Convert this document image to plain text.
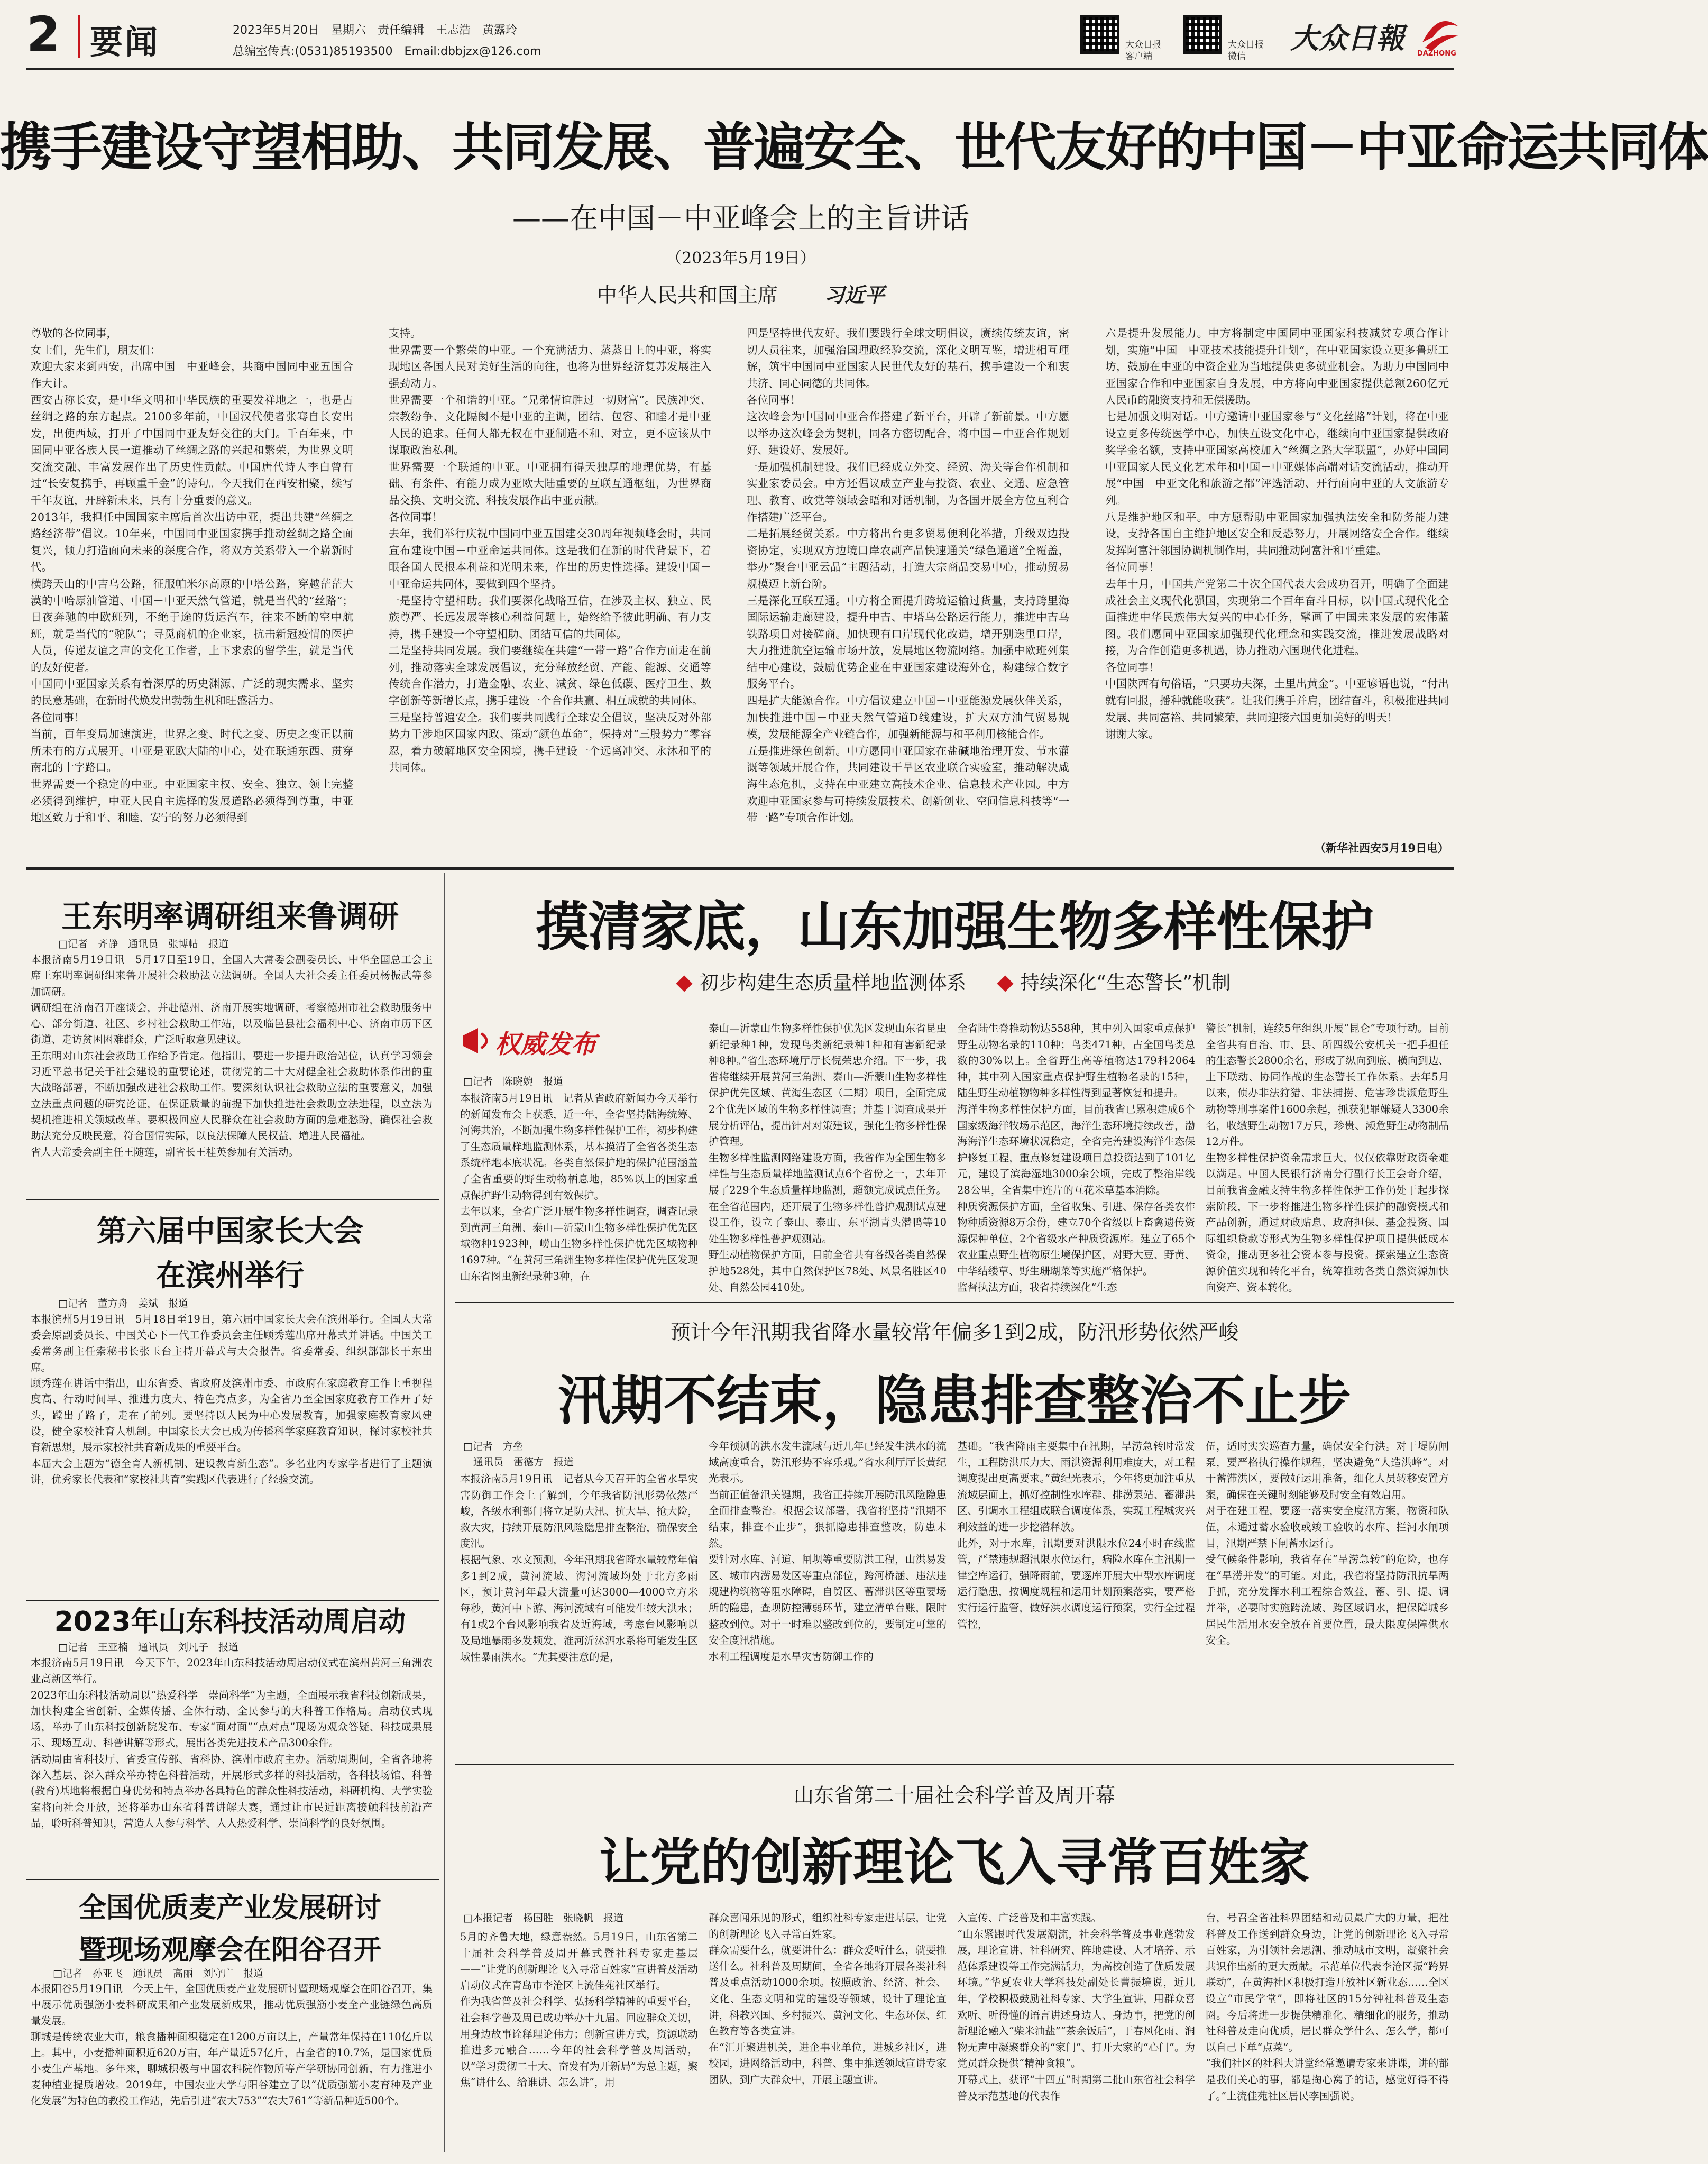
2 要闻	2023年5月20日　星期六　责任编辑　王志浩　黄露玲
总编室传真:(0531)85193500　Email:dbbjzx@126.com	大众日报
客户端
大众日报
微信
大众日報 DAZHONG
携手建设守望相助、共同发展、普遍安全、世代友好的中国－中亚命运共同体
——在中国－中亚峰会上的主旨讲话
（2023年5月19日）
中华人民共和国主席　　 习近平
尊敬的各位同事，
女士们，先生们，朋友们：
欢迎大家来到西安，出席中国－中亚峰会，共商中国同中亚五国合作大计。
西安古称长安，是中华文明和中华民族的重要发祥地之一，也是古丝绸之路的东方起点。2100多年前，中国汉代使者张骞自长安出发，出使西域，打开了中国同中亚友好交往的大门。千百年来，中国同中亚各族人民一道推动了丝绸之路的兴起和繁荣，为世界文明交流交融、丰富发展作出了历史性贡献。中国唐代诗人李白曾有过“长安复携手，再顾重千金”的诗句。今天我们在西安相聚，续写千年友谊，开辟新未来，具有十分重要的意义。
2013年，我担任中国国家主席后首次出访中亚，提出共建“丝绸之路经济带”倡议。10年来，中国同中亚国家携手推动丝绸之路全面复兴，倾力打造面向未来的深度合作，将双方关系带入一个崭新时代。
横跨天山的中吉乌公路，征服帕米尔高原的中塔公路，穿越茫茫大漠的中哈原油管道、中国－中亚天然气管道，就是当代的“丝路”；日夜奔驰的中欧班列，不绝于途的货运汽车，往来不断的空中航班，就是当代的“驼队”；寻觅商机的企业家，抗击新冠疫情的医护人员，传递友谊之声的文化工作者，上下求索的留学生，就是当代的友好使者。
中国同中亚国家关系有着深厚的历史渊源、广泛的现实需求、坚实的民意基础，在新时代焕发出勃勃生机和旺盛活力。
各位同事！
当前，百年变局加速演进，世界之变、时代之变、历史之变正以前所未有的方式展开。中亚是亚欧大陆的中心，处在联通东西、贯穿南北的十字路口。
世界需要一个稳定的中亚。中亚国家主权、安全、独立、领土完整必须得到维护，中亚人民自主选择的发展道路必须得到尊重，中亚地区致力于和平、和睦、安宁的努力必须得到
支持。
世界需要一个繁荣的中亚。一个充满活力、蒸蒸日上的中亚，将实现地区各国人民对美好生活的向往，也将为世界经济复苏发展注入强劲动力。
世界需要一个和谐的中亚。“兄弟情谊胜过一切财富”。民族冲突、宗教纷争、文化隔阂不是中亚的主调，团结、包容、和睦才是中亚人民的追求。任何人都无权在中亚制造不和、对立，更不应该从中谋取政治私利。
世界需要一个联通的中亚。中亚拥有得天独厚的地理优势，有基础、有条件、有能力成为亚欧大陆重要的互联互通枢纽，为世界商品交换、文明交流、科技发展作出中亚贡献。
各位同事！
去年，我们举行庆祝中国同中亚五国建交30周年视频峰会时，共同宣布建设中国－中亚命运共同体。这是我们在新的时代背景下，着眼各国人民根本利益和光明未来，作出的历史性选择。建设中国－中亚命运共同体，要做到四个坚持。
一是坚持守望相助。我们要深化战略互信，在涉及主权、独立、民族尊严、长远发展等核心利益问题上，始终给予彼此明确、有力支持，携手建设一个守望相助、团结互信的共同体。
二是坚持共同发展。我们要继续在共建“一带一路”合作方面走在前列，推动落实全球发展倡议，充分释放经贸、产能、能源、交通等传统合作潜力，打造金融、农业、减贫、绿色低碳、医疗卫生、数字创新等新增长点，携手建设一个合作共赢、相互成就的共同体。
三是坚持普遍安全。我们要共同践行全球安全倡议，坚决反对外部势力干涉地区国家内政、策动“颜色革命”，保持对“三股势力”零容忍，着力破解地区安全困境，携手建设一个远离冲突、永沐和平的共同体。
四是坚持世代友好。我们要践行全球文明倡议，赓续传统友谊，密切人员往来，加强治国理政经验交流，深化文明互鉴，增进相互理解，筑牢中国同中亚国家人民世代友好的基石，携手建设一个和衷共济、同心同德的共同体。
各位同事！
这次峰会为中国同中亚合作搭建了新平台，开辟了新前景。中方愿以举办这次峰会为契机，同各方密切配合，将中国－中亚合作规划好、建设好、发展好。
一是加强机制建设。我们已经成立外交、经贸、海关等合作机制和实业家委员会。中方还倡议成立产业与投资、农业、交通、应急管理、教育、政党等领域会晤和对话机制，为各国开展全方位互利合作搭建广泛平台。
二是拓展经贸关系。中方将出台更多贸易便利化举措，升级双边投资协定，实现双方边境口岸农副产品快速通关“绿色通道”全覆盖，举办“聚合中亚云品”主题活动，打造大宗商品交易中心，推动贸易规模迈上新台阶。
三是深化互联互通。中方将全面提升跨境运输过货量，支持跨里海国际运输走廊建设，提升中吉、中塔乌公路运行能力，推进中吉乌铁路项目对接磋商。加快现有口岸现代化改造，增开别迭里口岸，大力推进航空运输市场开放，发展地区物流网络。加强中欧班列集结中心建设，鼓励优势企业在中亚国家建设海外仓，构建综合数字服务平台。
四是扩大能源合作。中方倡议建立中国－中亚能源发展伙伴关系，加快推进中国－中亚天然气管道D线建设，扩大双方油气贸易规模，发展能源全产业链合作，加强新能源与和平利用核能合作。
五是推进绿色创新。中方愿同中亚国家在盐碱地治理开发、节水灌溉等领域开展合作，共同建设干旱区农业联合实验室，推动解决咸海生态危机，支持在中亚建立高技术企业、信息技术产业园。中方欢迎中亚国家参与可持续发展技术、创新创业、空间信息科技等“一带一路”专项合作计划。
六是提升发展能力。中方将制定中国同中亚国家科技减贫专项合作计划，实施“中国－中亚技术技能提升计划”，在中亚国家设立更多鲁班工坊，鼓励在中亚的中资企业为当地提供更多就业机会。为助力中国同中亚国家合作和中亚国家自身发展，中方将向中亚国家提供总额260亿元人民币的融资支持和无偿援助。
七是加强文明对话。中方邀请中亚国家参与“文化丝路”计划，将在中亚设立更多传统医学中心，加快互设文化中心，继续向中亚国家提供政府奖学金名额，支持中亚国家高校加入“丝绸之路大学联盟”，办好中国同中亚国家人民文化艺术年和中国－中亚媒体高端对话交流活动，推动开展“中国－中亚文化和旅游之都”评选活动、开行面向中亚的人文旅游专列。
八是维护地区和平。中方愿帮助中亚国家加强执法安全和防务能力建设，支持各国自主维护地区安全和反恐努力，开展网络安全合作。继续发挥阿富汗邻国协调机制作用，共同推动阿富汗和平重建。
各位同事！
去年十月，中国共产党第二十次全国代表大会成功召开，明确了全面建成社会主义现代化强国，实现第二个百年奋斗目标，以中国式现代化全面推进中华民族伟大复兴的中心任务，擘画了中国未来发展的宏伟蓝图。我们愿同中亚国家加强现代化理念和实践交流，推进发展战略对接，为合作创造更多机遇，协力推动六国现代化进程。
各位同事！
中国陕西有句俗语，“只要功夫深，土里出黄金”。中亚谚语也说，“付出就有回报，播种就能收获”。让我们携手并肩，团结奋斗，积极推进共同发展、共同富裕、共同繁荣，共同迎接六国更加美好的明天！
谢谢大家。
（新华社西安5月19日电）
王东明率调研组来鲁调研
□记者　齐静　通讯员　张博帖　报道
本报济南5月19日讯　5月17日至19日，全国人大常委会副委员长、中华全国总工会主席王东明率调研组来鲁开展社会救助法立法调研。全国人大社会委主任委员杨振武等参加调研。
调研组在济南召开座谈会，并赴德州、济南开展实地调研，考察德州市社会救助服务中心、部分街道、社区、乡村社会救助工作站，以及临邑县社会福利中心、济南市历下区街道、走访贫困困难群众，广泛听取意见建议。
王东明对山东社会救助工作给予肯定。他指出，要进一步提升政治站位，认真学习领会习近平总书记关于社会建设的重要论述，贯彻党的二十大对健全社会救助体系作出的重大战略部署，不断加强改进社会救助工作。要深刻认识社会救助立法的重要意义，加强立法重点问题的研究论证，在保证质量的前提下加快推进社会救助立法进程，以立法为契机推进相关领域改革。要积极回应人民群众在社会救助方面的急难愁盼，确保社会救助法充分反映民意，符合国情实际，以良法保障人民权益、增进人民福祉。
省人大常委会副主任王随莲，副省长王桂英参加有关活动。
第六届中国家长大会
在滨州举行
□记者　董方舟　姜斌　报道
本报滨州5月19日讯　5月18日至19日，第六届中国家长大会在滨州举行。全国人大常委会原副委员长、中国关心下一代工作委员会主任顾秀莲出席开幕式并讲话。中国关工委常务副主任索秘书长张玉台主持开幕式与大会报告。省委常委、组织部部长于东出席。
顾秀莲在讲话中指出，山东省委、省政府及滨州市委、市政府在家庭教育工作上重视程度高、行动时间早、推进力度大、特色亮点多，为全省乃至全国家庭教育工作开了好头，蹚出了路子，走在了前列。要坚持以人民为中心发展教育，加强家庭教育家风建设，健全家校社育人机制。中国家长大会已成为传播科学家庭教育知识，探讨家校社共育新思想，展示家校社共育新成果的重要平台。
本届大会主题为“德全育人新机制、建设教育新生态”。多名业内专家学者进行了主题演讲，优秀家长代表和“家校社共育”实践区代表进行了经验交流。
2023年山东科技活动周启动
□记者　王亚楠　通讯员　刘凡子　报道
本报济南5月19日讯　今天下午，2023年山东科技活动周启动仪式在滨州黄河三角洲农业高新区举行。
2023年山东科技活动周以“热爱科学　崇尚科学”为主题，全面展示我省科技创新成果，加快构建全省创新、全媒传播、全体行动、全民参与的大科普工作格局。启动仪式现场，举办了山东科技创新院发布、专家“面对面”“点对点”现场为观众答疑、科技成果展示、现场互动、科普讲解等形式，展出各类先进技术产品300余件。
活动周由省科技厅、省委宣传部、省科协、滨州市政府主办。活动周期间，全省各地将深入基层、深入群众举办特色科普活动，开展形式多样的科技活动，各科技场馆、科普(教育)基地将根据自身优势和特点举办各具特色的群众性科技活动，科研机构、大学实验室将向社会开放，还将举办山东省科普讲解大赛，通过让市民近距离接触科技前沿产品，聆听科普知识，营造人人参与科学、人人热爱科学、崇尚科学的良好氛围。
全国优质麦产业发展研讨
暨现场观摩会在阳谷召开
□记者　孙亚飞　通讯员　高丽　刘守广　报道
本报阳谷5月19日讯　今天上午，全国优质麦产业发展研讨暨现场观摩会在阳谷召开，集中展示优质强筋小麦科研成果和产业发展新成果，推动优质强筋小麦全产业链绿色高质量发展。
聊城是传统农业大市，粮食播种面积稳定在1200万亩以上，产量常年保持在110亿斤以上。其中，小麦播种面积近620万亩，年产量近57亿斤，占全省的10.7%，是国家优质小麦生产基地。多年来，聊城积极与中国农科院作物所等产学研协同创新，有力推进小麦种植业提质增效。2019年，中国农业大学与阳谷建立了以“优质强筋小麦育种及产业化发展”为特色的教授工作站，先后引进“农大753”“农大761”等新品种近500个。
摸清家底，山东加强生物多样性保护
初步构建生态质量样地监测体系	持续深化“生态警长”机制
权威发布
□记者　陈晓婉　报道
本报济南5月19日讯　记者从省政府新闻办今天举行的新闻发布会上获悉，近一年，全省坚持陆海统筹、河海共治，不断加强生物多样性保护工作，初步构建了生态质量样地监测体系，基本摸清了全省各类生态系统样地本底状况。各类自然保护地的保护范围涵盖了全省重要的野生动物栖息地，85%以上的国家重点保护野生动物得到有效保护。
去年以来，全省广泛开展生物多样性调查，调查记录到黄河三角洲、泰山—沂蒙山生物多样性保护优先区域物种1923种，崂山生物多样性保护优先区域物种1697种。“在黄河三角洲生物多样性保护优先区发现山东省图虫新纪录种3种，在
泰山—沂蒙山生物多样性保护优先区发现山东省昆虫新纪录种1种，发现鸟类新纪录种1种和有害新纪录种8种。”省生态环境厅厅长倪荣忠介绍。下一步，我省将继续开展黄河三角洲、泰山—沂蒙山生物多样性保护优先区域、黄海生态区（二期）项目，全面完成2个优先区域的生物多样性调查；并基于调查成果开展分析评估，提出针对对策建议，强化生物多样性保护管理。
生物多样性监测网络建设方面，我省作为全国生物多样性与生态质量样地监测试点6个省份之一，去年开展了229个生态质量样地监测，超额完成试点任务。在全省范围内，还开展了生物多样性普护观测试点建设工作，设立了泰山、泰山、东平湖青头潜鸭等10处生物多样性普护观测站。
野生动植物保护方面，目前全省共有各级各类自然保护地528处，其中自然保护区78处、风景名胜区40处、自然公园410处。
全省陆生脊椎动物达558种，其中列入国家重点保护野生动物名录的110种；鸟类471种，占全国鸟类总数的30%以上。全省野生高等植物达179科2064种，其中列入国家重点保护野生植物名录的15种，陆生野生动植物物种多样性得到显著恢复和提升。
海洋生物多样性保护方面，目前我省已累积建成6个国家级海洋牧场示范区，海洋生态环境持续改善，渤海海洋生态环境状况稳定，全省完善建设海洋生态保护修复工程，重点修复建设项目总投资达到了101亿元，建设了滨海湿地3000余公顷，完成了整治岸线28公里，全省集中连片的互花米草基本消除。
种质资源保护方面，全省收集、引进、保存各类农作物种质资源8万余份，建立70个省级以上畜禽遗传资源保种单位，2个省级水产种质资源库。建立了65个农业重点野生植物原生境保护区，对野大豆、野黄、中华结缕草、野生珊瑚菜等实施严格保护。
监督执法方面，我省持续深化“生态
警长”机制，连续5年组织开展“昆仑”专项行动。目前全省共有自治、市、县、所四级公安机关一把手担任的生态警长2800余名，形成了纵向到底、横向到边、上下联动、协同作战的生态警长工作体系。去年5月以来，侦办非法狩猎、非法捕捞、危害珍贵濒危野生动物等刑事案件1600余起，抓获犯罪嫌疑人3300余名，收缴野生动物17万只，珍贵、濒危野生动物制品12万件。
生物多样性保护资金需求巨大，仅仅依靠财政资金难以满足。中国人民银行济南分行副行长王会奇介绍，目前我省金融支持生物多样性保护工作仍处于起步探索阶段，下一步将推进生物多样性保护的融资模式和产品创新，通过财政贴息、政府担保、基金投资、国际组织贷款等形式为生物多样性保护项目提供低成本资金，推动更多社会资本参与投资。探索建立生态资源价值实现和转化平台，统筹推动各类自然资源加快向资产、资本转化。
预计今年汛期我省降水量较常年偏多1到2成，防汛形势依然严峻
汛期不结束，隐患排查整治不止步
□记者　方垒
　通讯员　雷德方　报道
本报济南5月19日讯　记者从今天召开的全省水旱灾害防御工作会上了解到，今年我省防汛形势依然严峻，各级水利部门将立足防大汛、抗大旱、抢大险，救大灾，持续开展防汛风险隐患排查整治，确保安全度汛。
根据气象、水文预测，今年汛期我省降水量较常年偏多1到2成，黄河流域、海河流域均处于北方多雨区，预计黄河年最大流量可达3000—4000立方米每秒，黄河中下游、海河流域有可能发生较大洪水；有1或2个台风影响我省及近海域，考虑台风影响以及局地暴雨多发频发，淮河沂沭泗水系将可能发生区域性暴雨洪水。“尤其要注意的是，
今年预测的洪水发生流域与近几年已经发生洪水的流域高度重合，防汛形势不容乐观。”省水利厅厅长黄纪光表示。
当前正值备汛关键期，我省正持续开展防汛风险隐患全面排查整治。根据会议部署，我省将坚持“汛期不结束，排查不止步”，狠抓隐患排查整改，防患未然。
要针对水库、河道、闸坝等重要防洪工程，山洪易发区、城市内涝易发区等重点部位，跨河桥涵、违法违规建构筑物等阻水障碍，自贸区、蓄滞洪区等重要场所的隐患，查坝防控薄弱环节，建立清单台账，限时整改到位。对于一时难以整改到位的，要制定可靠的安全度汛措施。
水利工程调度是水旱灾害防御工作的
基础。“我省降雨主要集中在汛期，旱涝急转时常发生，工程防洪压力大、雨洪资源利用难度大，对工程调度提出更高要求。”黄纪光表示，今年将更加注重从流域层面上，抓好控制性水库群、排涝泵站、蓄滞洪区、引调水工程组成联合调度体系，实现工程城灾兴利效益的进一步挖潜释放。
此外，对于水库，汛期要对洪限水位24小时在线监管，严禁违规超汛限水位运行，病险水库在主汛期一律空库运行，强降雨前，要逐库开展大中型水库调度运行隐患，按调度规程和运用计划预案落实，要严格实行运行监管，做好洪水调度运行预案，实行全过程管控，
伍，适时实实巡查力量，确保安全行洪。对于堤防闸泵，要严格执行操作规程，坚决避免“人造洪峰”。对于蓄滞洪区，要做好运用准备，细化人员转移安置方案，确保在关键时刻能够及时安全有效启用。
对于在建工程，要逐一落实安全度汛方案，物资和队伍，未通过蓄水验收或竣工验收的水库、拦河水闸项目，汛期严禁下闸蓄水运行。
受气候条件影响，我省存在“旱涝急转”的危险，也存在“旱涝并发”的可能。对此，我省将坚持防汛抗旱两手抓，充分发挥水利工程综合效益，蓄、引、提、调并举，必要时实施跨流域、跨区域调水，把保障城乡居民生活用水安全放在首要位置，最大限度保障供水安全。
山东省第二十届社会科学普及周开幕
让党的创新理论飞入寻常百姓家
□本报记者　杨国胜　张晓帆　报道
5月的齐鲁大地，绿意盎然。5月19日，山东省第二十届社会科学普及周开幕式暨社科专家走基层——“让党的创新理论飞入寻常百姓家”宣讲普及活动启动仪式在青岛市李沧区上流佳苑社区举行。
作为我省普及社会科学、弘扬科学精神的重要平台，社会科学普及周已成功举办十九届。回应群众关切，用身边故事诠释理论伟力；创新宣讲方式，资源联动推进多元融合……今年的社会科学普及周活动，以“学习贯彻二十大、奋发有为开新局”为总主题，聚焦“讲什么、给谁讲、怎么讲”，用
群众喜闻乐见的形式，组织社科专家走进基层，让党的创新理论飞入寻常百姓家。
群众需要什么，就要讲什么：群众爱听什么，就要推送什么。社科普及周期间，全省各地将开展各类社科普及重点活动1000余项。按照政治、经济、社会、文化、生态文明和党的建设等领域，设计了理论宣讲，科教兴国、乡村振兴、黄河文化、生态环保、红色教育等各类宣讲。
在“汇开聚进机关，进企事业单位，进城乡社区，进校园，进网络活动中，科普、集中推送领域宣讲专家团队，到广大群众中，开展主题宣讲。
入宣传、广泛普及和丰富实践。
“山东紧跟时代发展潮流，社会科学普及事业蓬勃发展，理论宣讲、社科研究、阵地建设、人才培养、示范体系建设等工作完满活力，为高校创造了优质发展环境。”华夏农业大学科技处副处长曹振境说，近几年，学校积极鼓励社科专家、大学生宣讲，用群众喜欢听、听得懂的语言讲述身边人、身边事，把党的创新理论融入“柴米油盐”“茶余饭后”，于春风化雨、润物无声中凝聚群众的“家门”、打开大家的“心门”。为党员群众提供“精神食粮”。
开幕式上，获评“十四五”时期第二批山东省社会科学普及示范基地的代表作
台，号召全省社科界团结和动员最广大的力量，把社科普及工作送到群众身边，让党的创新理论飞入寻常百姓家，为引领社会思潮、推动城市文明，凝聚社会共识作出新的更大贡献。示范单位代表李沧区振“跨界联动”，在黄海社区积极打造开放社区新业态……全区设立“市民学堂”，即将社区的15分钟社科普及生态圈。今后将进一步提供精准化、精细化的服务，推动社科普及走向优质，居民群众学什么、怎么学，都可以自己下单“点菜”。
“我们社区的社科大讲堂经常邀请专家来讲课，讲的都是我们关心的事，都是掏心窝子的话，感觉好得不得了。”上流佳苑社区居民李国强说。
